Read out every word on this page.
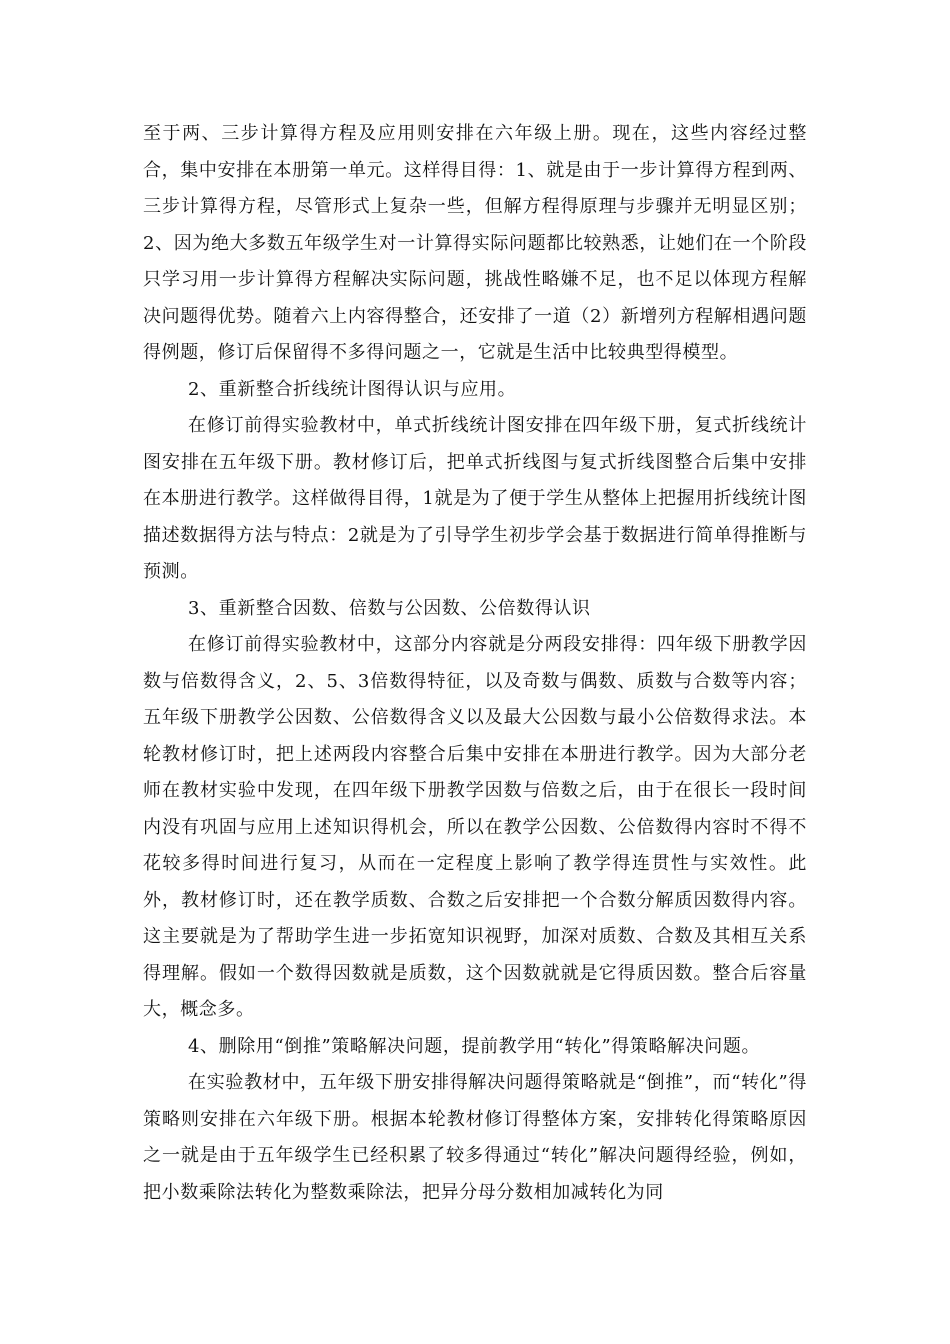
至于两、三步计算得方程及应用则安排在六年级上册。现在，这些内容经过整合，集中安排在本册第一单元。这样得目得：1、就是由于一步计算得方程到两、三步计算得方程，尽管形式上复杂一些，但解方程得原理与步骤并无明显区别；2、因为绝大多数五年级学生对一计算得实际问题都比较熟悉，让她们在一个阶段只学习用一步计算得方程解决实际问题，挑战性略嫌不足，也不足以体现方程解决问题得优势。随着六上内容得整合，还安排了一道（2）新增列方程解相遇问题得例题，修订后保留得不多得问题之一，它就是生活中比较典型得模型。

2、重新整合折线统计图得认识与应用。

在修订前得实验教材中，单式折线统计图安排在四年级下册，复式折线统计图安排在五年级下册。教材修订后，把单式折线图与复式折线图整合后集中安排在本册进行教学。这样做得目得，1就是为了便于学生从整体上把握用折线统计图描述数据得方法与特点：2就是为了引导学生初步学会基于数据进行简单得推断与预测。

3、重新整合因数、倍数与公因数、公倍数得认识

在修订前得实验教材中，这部分内容就是分两段安排得：四年级下册教学因数与倍数得含义，2、5、3倍数得特征，以及奇数与偶数、质数与合数等内容；五年级下册教学公因数、公倍数得含义以及最大公因数与最小公倍数得求法。本轮教材修订时，把上述两段内容整合后集中安排在本册进行教学。因为大部分老师在教材实验中发现，在四年级下册教学因数与倍数之后，由于在很长一段时间内没有巩固与应用上述知识得机会，所以在教学公因数、公倍数得内容时不得不花较多得时间进行复习，从而在一定程度上影响了教学得连贯性与实效性。此外，教材修订时，还在教学质数、合数之后安排把一个合数分解质因数得内容。这主要就是为了帮助学生进一步拓宽知识视野，加深对质数、合数及其相互关系得理解。假如一个数得因数就是质数，这个因数就就是它得质因数。整合后容量大，概念多。

4、删除用“倒推”策略解决问题，提前教学用“转化”得策略解决问题。

在实验教材中，五年级下册安排得解决问题得策略就是“倒推”，而“转化”得策略则安排在六年级下册。根据本轮教材修订得整体方案，安排转化得策略原因之一就是由于五年级学生已经积累了较多得通过“转化”解决问题得经验，例如，把小数乘除法转化为整数乘除法，把异分母分数相加减转化为同
